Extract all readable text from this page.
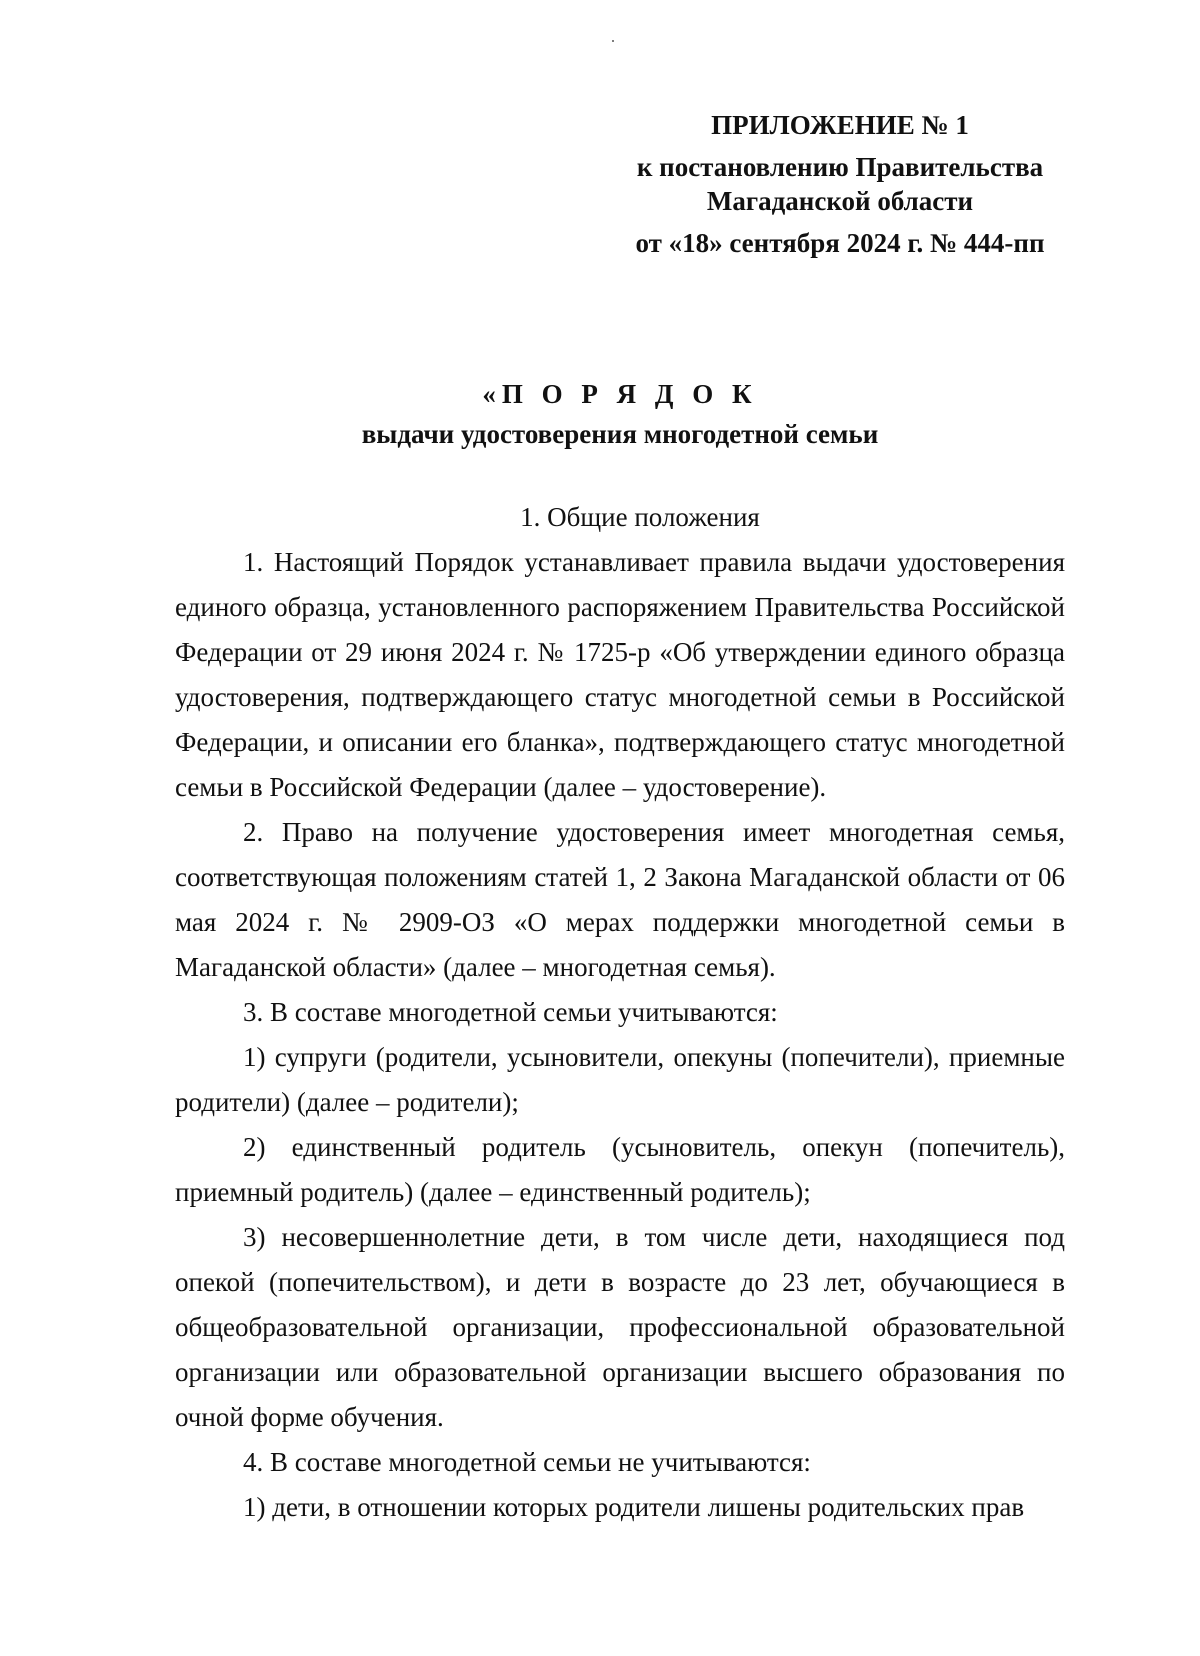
ПРИЛОЖЕНИЕ № 1
к постановлению Правительства
Магаданской области
от «18» сентября 2024 г. № 444-пп
«П О Р Я Д О К
выдачи удостоверения многодетной семьи

1. Общие положения

1. Настоящий Порядок устанавливает правила выдачи удостоверения единого образца, установленного распоряжением Правительства Российской Федерации от 29 июня 2024 г. № 1725-р «Об утверждении единого образца удостоверения, подтверждающего статус многодетной семьи в Российской Федерации, и описании его бланка», подтверждающего статус многодетной семьи в Российской Федерации (далее – удостоверение).

2. Право на получение удостоверения имеет многодетная семья, соответствующая положениям статей 1, 2 Закона Магаданской области от 06 мая 2024 г. № 2909-ОЗ «О мерах поддержки многодетной семьи в Магаданской области» (далее – многодетная семья).

3. В составе многодетной семьи учитываются:

1) супруги (родители, усыновители, опекуны (попечители), приемные родители) (далее – родители);

2) единственный родитель (усыновитель, опекун (попечитель), приемный родитель) (далее – единственный родитель);

3) несовершеннолетние дети, в том числе дети, находящиеся под опекой (попечительством), и дети в возрасте до 23 лет, обучающиеся в общеобразовательной организации, профессиональной образовательной организации или образовательной организации высшего образования по очной форме обучения.

4. В составе многодетной семьи не учитываются:

1) дети, в отношении которых родители лишены родительских прав
